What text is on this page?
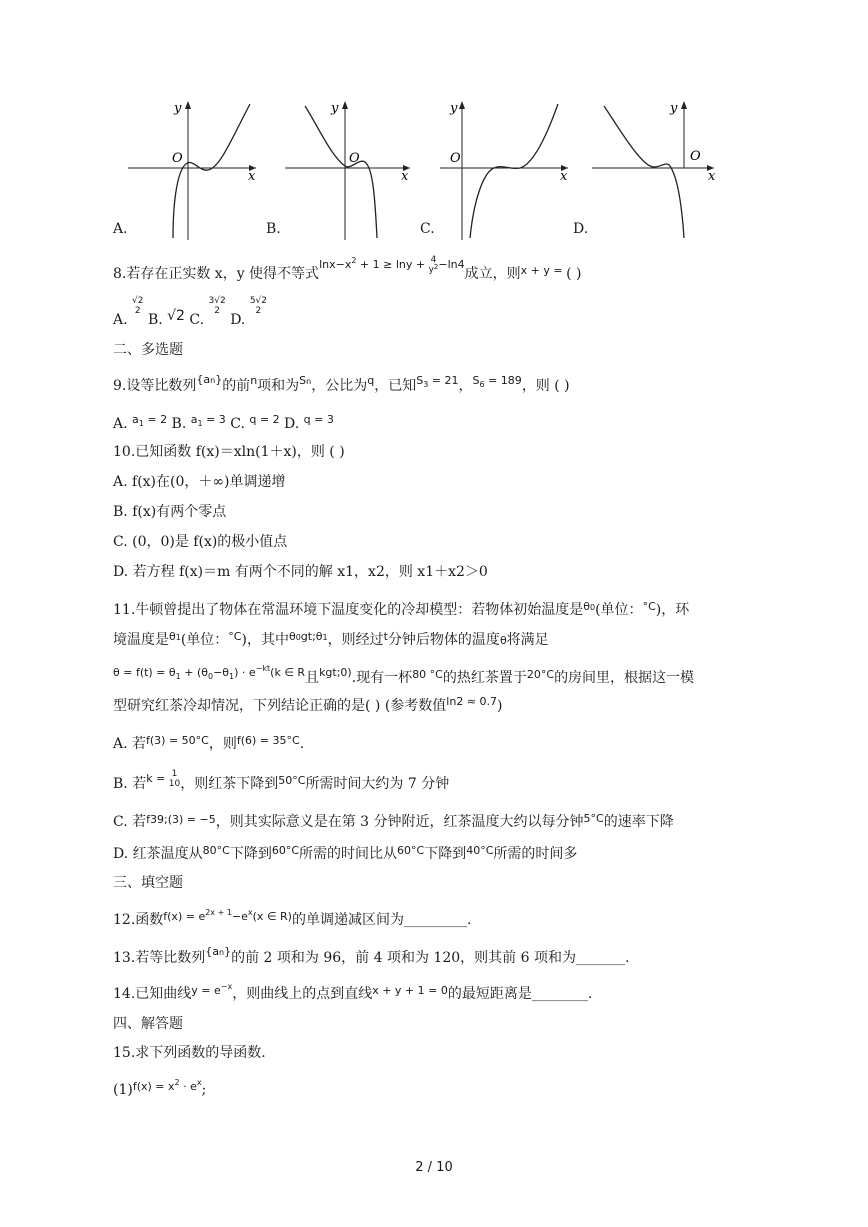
y
O
x
y
O
x
y
O
x
y
O
x
A.	B.	C.	D.
8.若存在正实数 x，y 使得不等式$^{lnx-x^2 + 1 \ge lny + 4 y^2-ln4}$成立，则$^{x + y =}$ ( )
A. √2
2 B. √2 C. 3√2
2 D. 5√2
2
二、多选题
9.设等比数列$^{\{an\}}$的前$^n$项和为$^{Sn}$，公比为$^q$，已知$^{S_3 = 21}$，$^{S_6 = 189}$，则 ( )
A. $^{a_1 = 2}$ B. $^{a_1 = 3}$ C. $^{q = 2}$ D. $^{q = 3}$
10.已知函数 f(x)＝xln(1＋x)，则 ( )
A. f(x)在(0，＋∞)单调递增
B. f(x)有两个零点
C. (0，0)是 f(x)的极小值点
D. 若方程 f(x)＝m 有两个不同的解 x1，x2，则 x1＋x2＞0
11.牛顿曾提出了物体在常温环境下温度变化的冷却模型：若物体初始温度是$^{\theta 0}$(单位：$^{^\circ C}$)，环
境温度是$^{\theta 1}$(单位：$^{^\circ C}$)，其中$^{\theta 0gt;\theta 1}$，则经过$^t$分钟后物体的温度θ将满足
$^{\theta = f(t) = \theta_1 + (\theta_0-\theta_1) \cdot e^{-kt}(k \in R}$且$^{kgt;0)}$.现有一杯$^{80 ^\circ C}$的热红茶置于$^{20^\circ C}$的房间里，根据这一模
型研究红茶冷却情况，下列结论正确的是( ) (参考数值$^{ln2 \approx 0.7}$)
A. 若$^{f(3) = 50^\circ C}$，则$^{f(6) = 35^\circ C}$.
B. 若$^{k = 1 10}$，则红茶下降到$^{50^\circ C}$所需时间大约为 7 分钟
C. 若$^{f39;(3) = -5}$，则其实际意义是在第 3 分钟附近，红茶温度大约以每分钟$^{5^\circ C}$的速率下降
D. 红茶温度从$^{80^\circ C}$下降到$^{60^\circ C}$所需的时间比从$^{60^\circ C}$下降到$^{40^\circ C}$所需的时间多
三、填空题
12.函数$^{f(x) = e^{2x + 1}-e^x(x \in R)}$的单调递减区间为_________.
13.若等比数列$^{\{an\}}$的前 2 项和为 96，前 4 项和为 120，则其前 6 项和为_______.
14.已知曲线$^{y = e^{-x}}$，则曲线上的点到直线$^{x + y + 1 = 0}$的最短距离是________.
四、解答题
15.求下列函数的导函数.
$(1)^{f(x) = x^2 \cdot e^x}$;
2 / 10
